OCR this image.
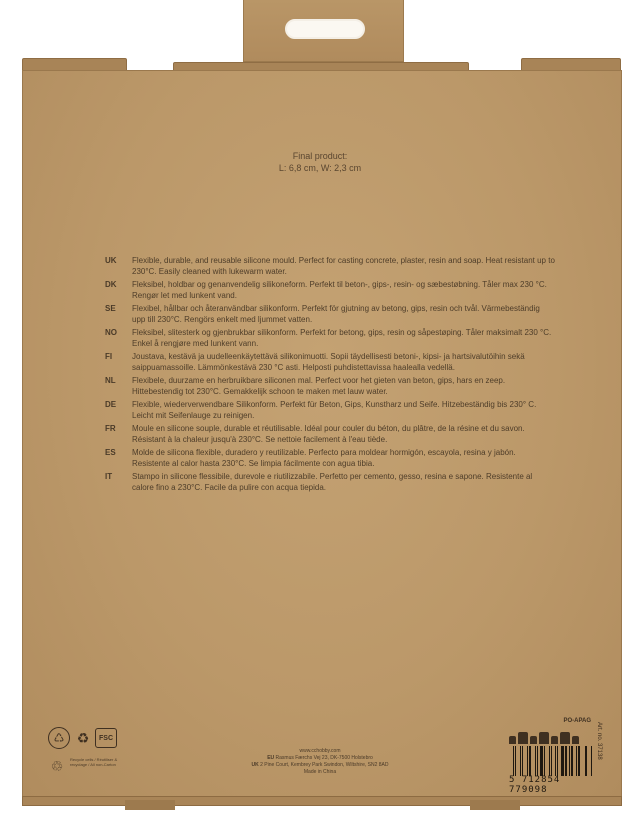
Final product:
L: 6,8 cm, W: 2,3 cm
UK	Flexible, durable, and reusable silicone mould. Perfect for casting concrete, plaster, resin and soap. Heat resistant up to 230°C. Easily cleaned with lukewarm water.
DK	Fleksibel, holdbar og genanvendelig silikoneform. Perfekt til beton-, gips-, resin- og sæbestøbning. Tåler max 230 °C. Rengør let med lunkent vand.
SE	Flexibel, hållbar och återanvändbar silikonform. Perfekt för gjutning av betong, gips, resin och tvål. Värmebeständig upp till 230°C. Rengörs enkelt med ljummet vatten.
NO	Fleksibel, slitesterk og gjenbrukbar silikonform. Perfekt for betong, gips, resin og såpestøping. Tåler maksimalt 230 °C. Enkel å rengjøre med lunkent vann.
FI	Joustava, kestävä ja uudelleenkäytettävä silikonimuotti. Sopii täydellisesti betoni-, kipsi- ja hartsivalutöihin sekä saippuamassoille. Lämmönkestävä 230 °C asti. Helposti puhdistettavissa haalealla vedellä.
NL	Flexibele, duurzame en herbruikbare siliconen mal. Perfect voor het gieten van beton, gips, hars en zeep. Hittebestendig tot 230°C. Gemakkelijk schoon te maken met lauw water.
DE	Flexible, wiederverwendbare Silikonform. Perfekt für Beton, Gips, Kunstharz und Seife. Hitzebeständig bis 230° C. Leicht mit Seifenlauge zu reinigen.
FR	Moule en silicone souple, durable et réutilisable. Idéal pour couler du béton, du plâtre, de la résine et du savon. Résistant à la chaleur jusqu'à 230°C. Se nettoie facilement à l'eau tiède.
ES	Molde de silicona flexible, duradero y reutilizable. Perfecto para moldear hormigón, escayola, resina y jabón. Resistente al calor hasta 230°C. Se limpia fácilmente con agua tibia.
IT	Stampo in silicone flessibile, durevole e riutilizzabile. Perfetto per cemento, gesso, resina e sapone. Resistente al calore fino a 230°C. Facile da pulire con acqua tiepida.
♺ ♻	FSC
♲	Recycle cells / Réutiliser & recyclage / All non-Carton
www.cchobby.com
EU Rasmus Færchs Vej 23, DK-7500 Holstebro
UK 2 Pine Court, Kembrey Park Swindon, Wiltshire, SN2 8AD
Made in China
PO-APAG
5 712854 779098
Art. no. 37138
